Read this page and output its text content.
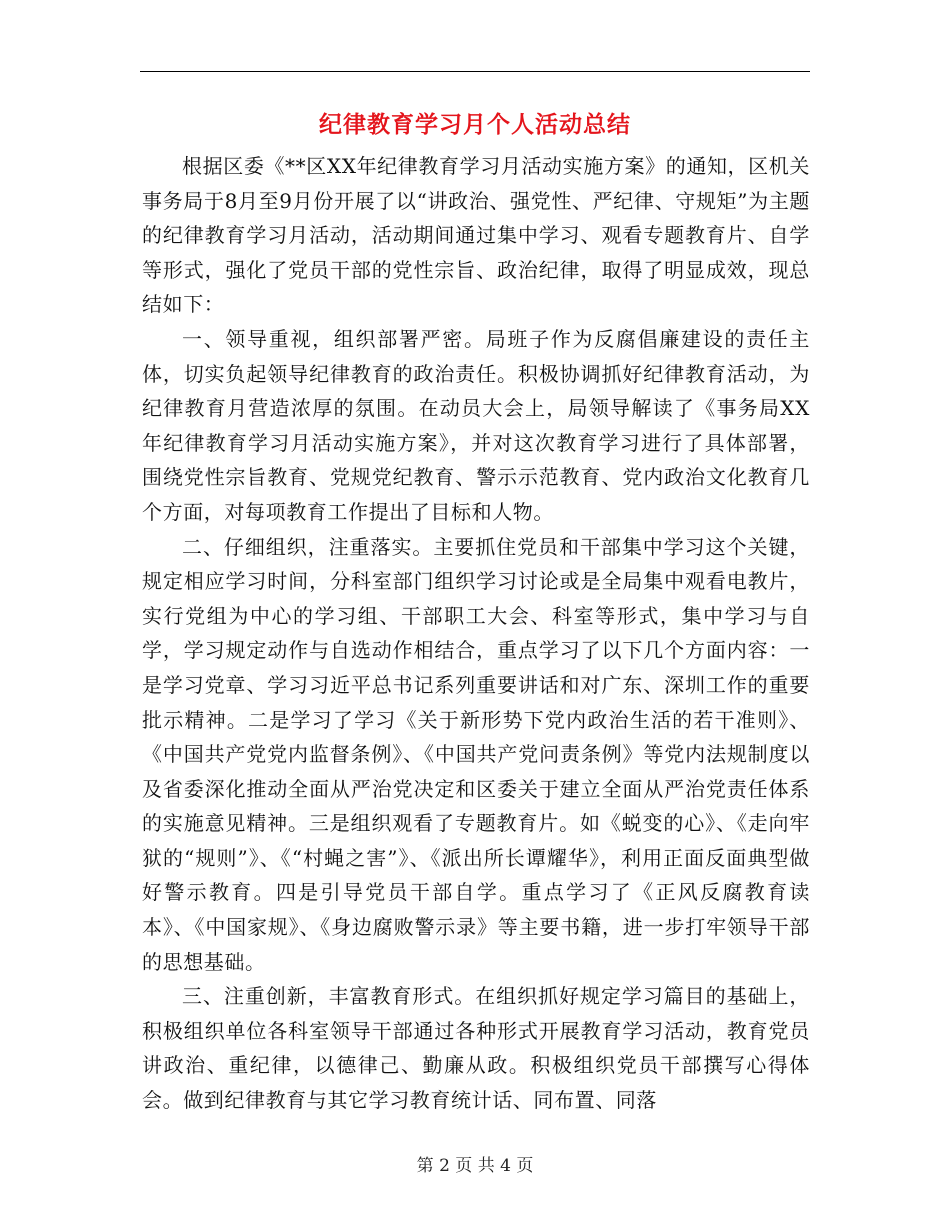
纪律教育学习月个人活动总结

根据区委《**区XX年纪律教育学习月活动实施方案》的通知，区机关事务局于8月至9月份开展了以“讲政治、强党性、严纪律、守规矩”为主题的纪律教育学习月活动，活动期间通过集中学习、观看专题教育片、自学等形式，强化了党员干部的党性宗旨、政治纪律，取得了明显成效，现总结如下：

一、领导重视，组织部署严密。局班子作为反腐倡廉建设的责任主体，切实负起领导纪律教育的政治责任。积极协调抓好纪律教育活动，为纪律教育月营造浓厚的氛围。在动员大会上，局领导解读了《事务局XX年纪律教育学习月活动实施方案》，并对这次教育学习进行了具体部署，围绕党性宗旨教育、党规党纪教育、警示示范教育、党内政治文化教育几个方面，对每项教育工作提出了目标和人物。

二、仔细组织，注重落实。主要抓住党员和干部集中学习这个关键，规定相应学习时间，分科室部门组织学习讨论或是全局集中观看电教片，实行党组为中心的学习组、干部职工大会、科室等形式，集中学习与自学，学习规定动作与自选动作相结合，重点学习了以下几个方面内容：一是学习党章、学习习近平总书记系列重要讲话和对广东、深圳工作的重要批示精神。二是学习了学习《关于新形势下党内政治生活的若干准则》、《中国共产党党内监督条例》、《中国共产党问责条例》等党内法规制度以及省委深化推动全面从严治党决定和区委关于建立全面从严治党责任体系的实施意见精神。三是组织观看了专题教育片。如《蜕变的心》、《走向牢狱的“规则”》、《“村蝇之害”》、《派出所长谭耀华》，利用正面反面典型做好警示教育。四是引导党员干部自学。重点学习了《正风反腐教育读本》、《中国家规》、《身边腐败警示录》等主要书籍，进一步打牢领导干部的思想基础。

三、注重创新，丰富教育形式。在组织抓好规定学习篇目的基础上，积极组织单位各科室领导干部通过各种形式开展教育学习活动，教育党员讲政治、重纪律，以德律己、勤廉从政。积极组织党员干部撰写心得体会。做到纪律教育与其它学习教育统计话、同布置、同落

第 2 页 共 4 页
